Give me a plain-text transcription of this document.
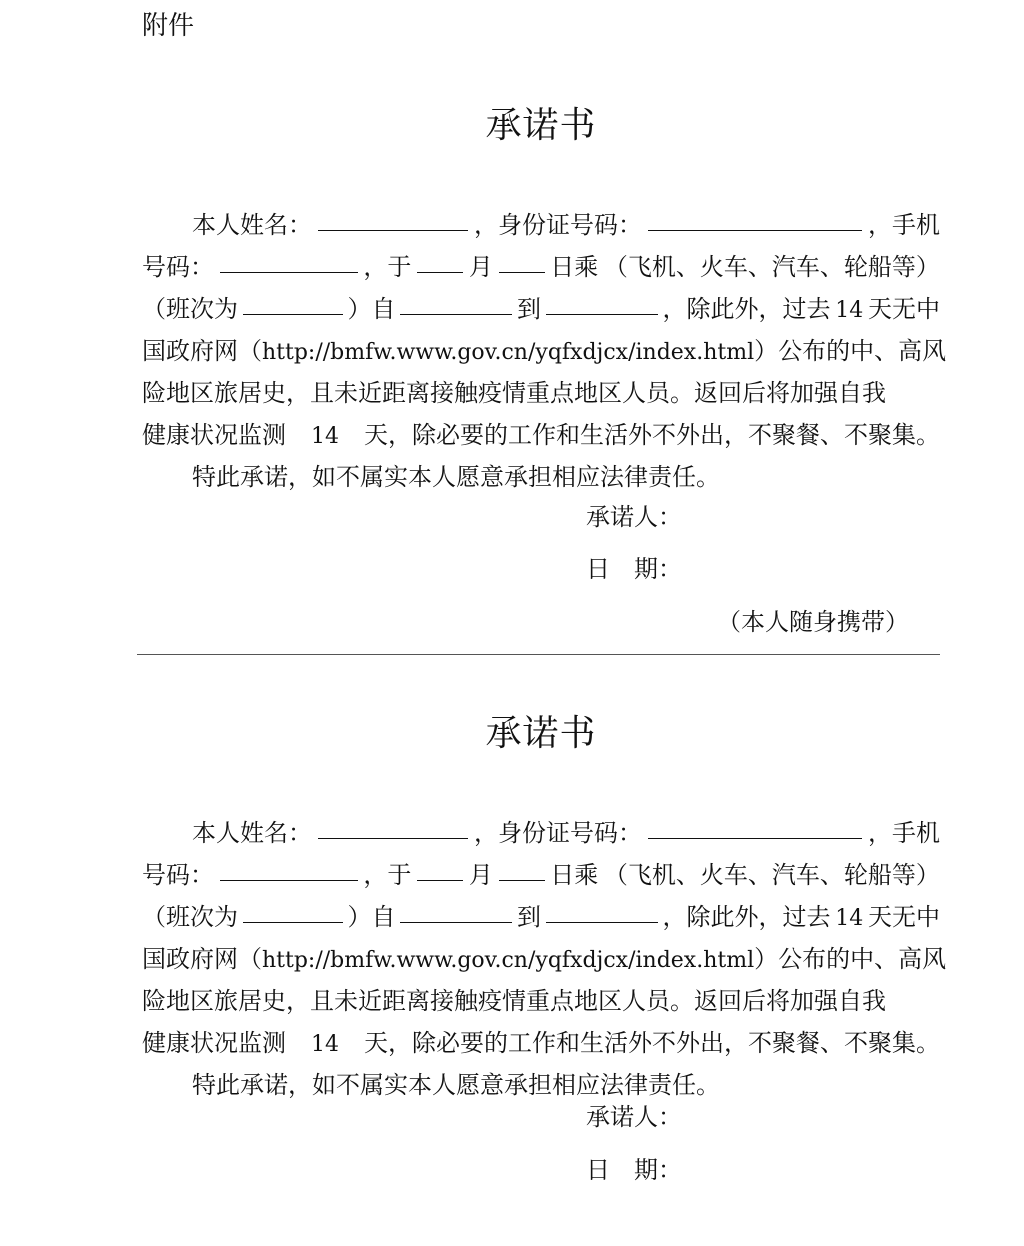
附件
承诺书
本人姓名：	，身份证号码：	，手机
号码：	，于 月 日乘 （飞机、火车、汽车、轮船等）
（班次为	）自	到	，除此外，过去 14 天无中
国政府网（ http://bmfw.www.gov.cn/yqfxdjcx/index.html ）公布的中、高风
险地区旅居史，且未近距离接触疫情重点地区人员。返回后将加强自我
健康状况监测 14 天，除必要的工作和生活外不外出，不聚餐、不聚集。
特此承诺，如不属实本人愿意承担相应法律责任。
承诺人：
日　期：
（本人随身携带）
承诺书
本人姓名：	，身份证号码：	，手机
号码：	，于 月 日乘 （飞机、火车、汽车、轮船等）
（班次为	）自	到	，除此外，过去 14 天无中
国政府网（ http://bmfw.www.gov.cn/yqfxdjcx/index.html ）公布的中、高风
险地区旅居史，且未近距离接触疫情重点地区人员。返回后将加强自我
健康状况监测 14 天，除必要的工作和生活外不外出，不聚餐、不聚集。
特此承诺，如不属实本人愿意承担相应法律责任。
承诺人：
日　期：
